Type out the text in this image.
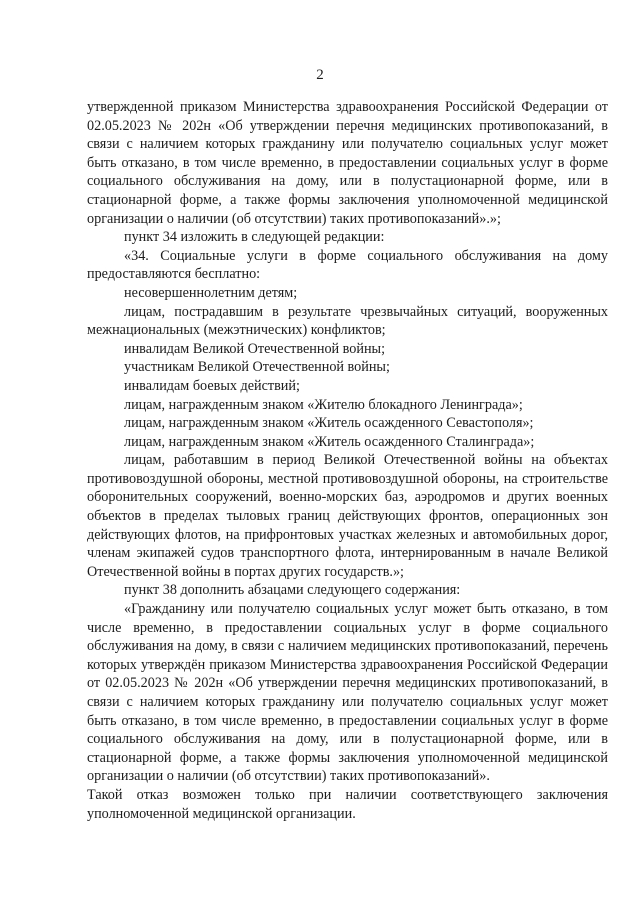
2

утвержденной приказом Министерства здравоохранения Российской Федерации от 02.05.2023 № 202н «Об утверждении перечня медицинских противопоказаний, в связи с наличием которых гражданину или получателю социальных услуг может быть отказано, в том числе временно, в предоставлении социальных услуг в форме социального обслуживания на дому, или в полустационарной форме, или в стационарной форме, а также формы заключения уполномоченной медицинской организации о наличии (об отсутствии) таких противопоказаний».»;

пункт 34 изложить в следующей редакции:

«34. Социальные услуги в форме социального обслуживания на дому предоставляются бесплатно:

несовершеннолетним детям;

лицам, пострадавшим в результате чрезвычайных ситуаций, вооруженных межнациональных (межэтнических) конфликтов;

инвалидам Великой Отечественной войны;

участникам Великой Отечественной войны;

инвалидам боевых действий;

лицам, награжденным знаком «Жителю блокадного Ленинграда»;

лицам, награжденным знаком «Житель осажденного Севастополя»;

лицам, награжденным знаком «Житель осажденного Сталинграда»;

лицам, работавшим в период Великой Отечественной войны на объектах противовоздушной обороны, местной противовоздушной обороны, на строительстве оборонительных сооружений, военно-морских баз, аэродромов и других военных объектов в пределах тыловых границ действующих фронтов, операционных зон действующих флотов, на прифронтовых участках железных и автомобильных дорог, членам экипажей судов транспортного флота, интернированным в начале Великой Отечественной войны в портах других государств.»;

пункт 38 дополнить абзацами следующего содержания:

«Гражданину или получателю социальных услуг может быть отказано, в том числе временно, в предоставлении социальных услуг в форме социального обслуживания на дому, в связи с наличием медицинских противопоказаний, перечень которых утверждён приказом Министерства здравоохранения Российской Федерации от 02.05.2023 № 202н «Об утверждении перечня медицинских противопоказаний, в связи с наличием которых гражданину или получателю социальных услуг может быть отказано, в том числе временно, в предоставлении социальных услуг в форме социального обслуживания на дому, или в полустационарной форме, или в стационарной форме, а также формы заключения уполномоченной медицинской организации о наличии (об отсутствии) таких противопоказаний».

Такой отказ возможен только при наличии соответствующего заключения уполномоченной медицинской организации.
